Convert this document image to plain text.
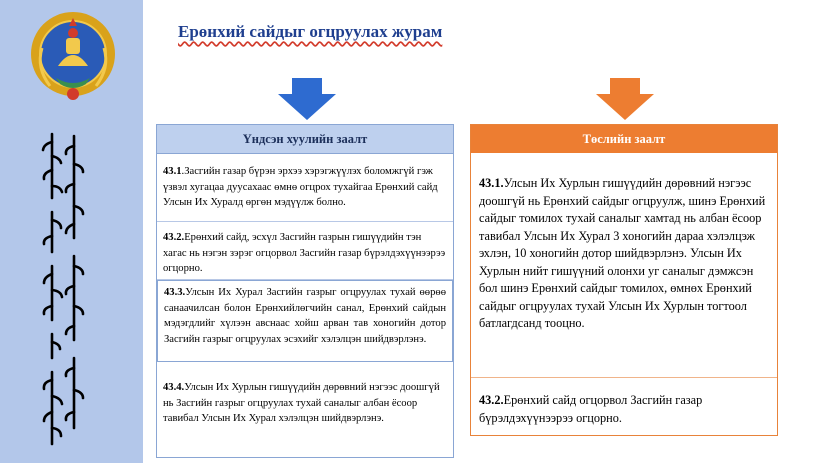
Ерөнхий сайдыг огцруулах журам
Үндсэн хуулийн заалт
43.1.Засгийн газар бүрэн эрхээ хэрэгжүүлэх боломжгүй гэж үзвэл хугацаа дуусахаас өмнө огцрох тухайгаа Ерөнхий сайд Улсын Их Хуралд өргөн мэдүүлж болно.
43.2.Ерөнхий сайд, эсхүл Засгийн газрын гишүүдийн тэн хагас нь нэгэн зэрэг огцорвол Засгийн газар бүрэлдэхүүнээрээ огцорно.
43.3.Улсын Их Хурал Засгийн газрыг огцруулах тухай өөрөө санаачилсан болон Ерөнхийлөгчийн санал, Ерөнхий сайдын мэдэгдлийг хүлээн авснаас хойш арван тав хоногийн дотор Засгийн газрыг огцруулах эсэхийг хэлэлцэн шийдвэрлэнэ.
43.4.Улсын Их Хурлын гишүүдийн дөрөвний нэгээс доошгүй нь Засгийн газрыг огцруулах тухай саналыг албан ёсоор тавибал Улсын Их Хурал хэлэлцэн шийдвэрлэнэ.
Төслийн заалт
43.1.Улсын Их Хурлын гишүүдийн дөрөвний нэгээс доошгүй нь Ерөнхий сайдыг огцруулж, шинэ Ерөнхий сайдыг томилох тухай саналыг хамтад нь албан ёсоор тавибал Улсын Их Хурал 3 хоногийн дараа хэлэлцэж эхлэн, 10 хоногийн дотор шийдвэрлэнэ. Улсын Их Хурлын нийт гишүүний олонхи уг саналыг дэмжсэн бол шинэ Ерөнхий сайдыг томилох, өмнөх Ерөнхий сайдыг огцруулах тухай Улсын Их Хурлын тогтоол батлагдсанд тооцно.
43.2.Ерөнхий сайд огцорвол Засгийн газар бүрэлдэхүүнээрээ огцорно.
